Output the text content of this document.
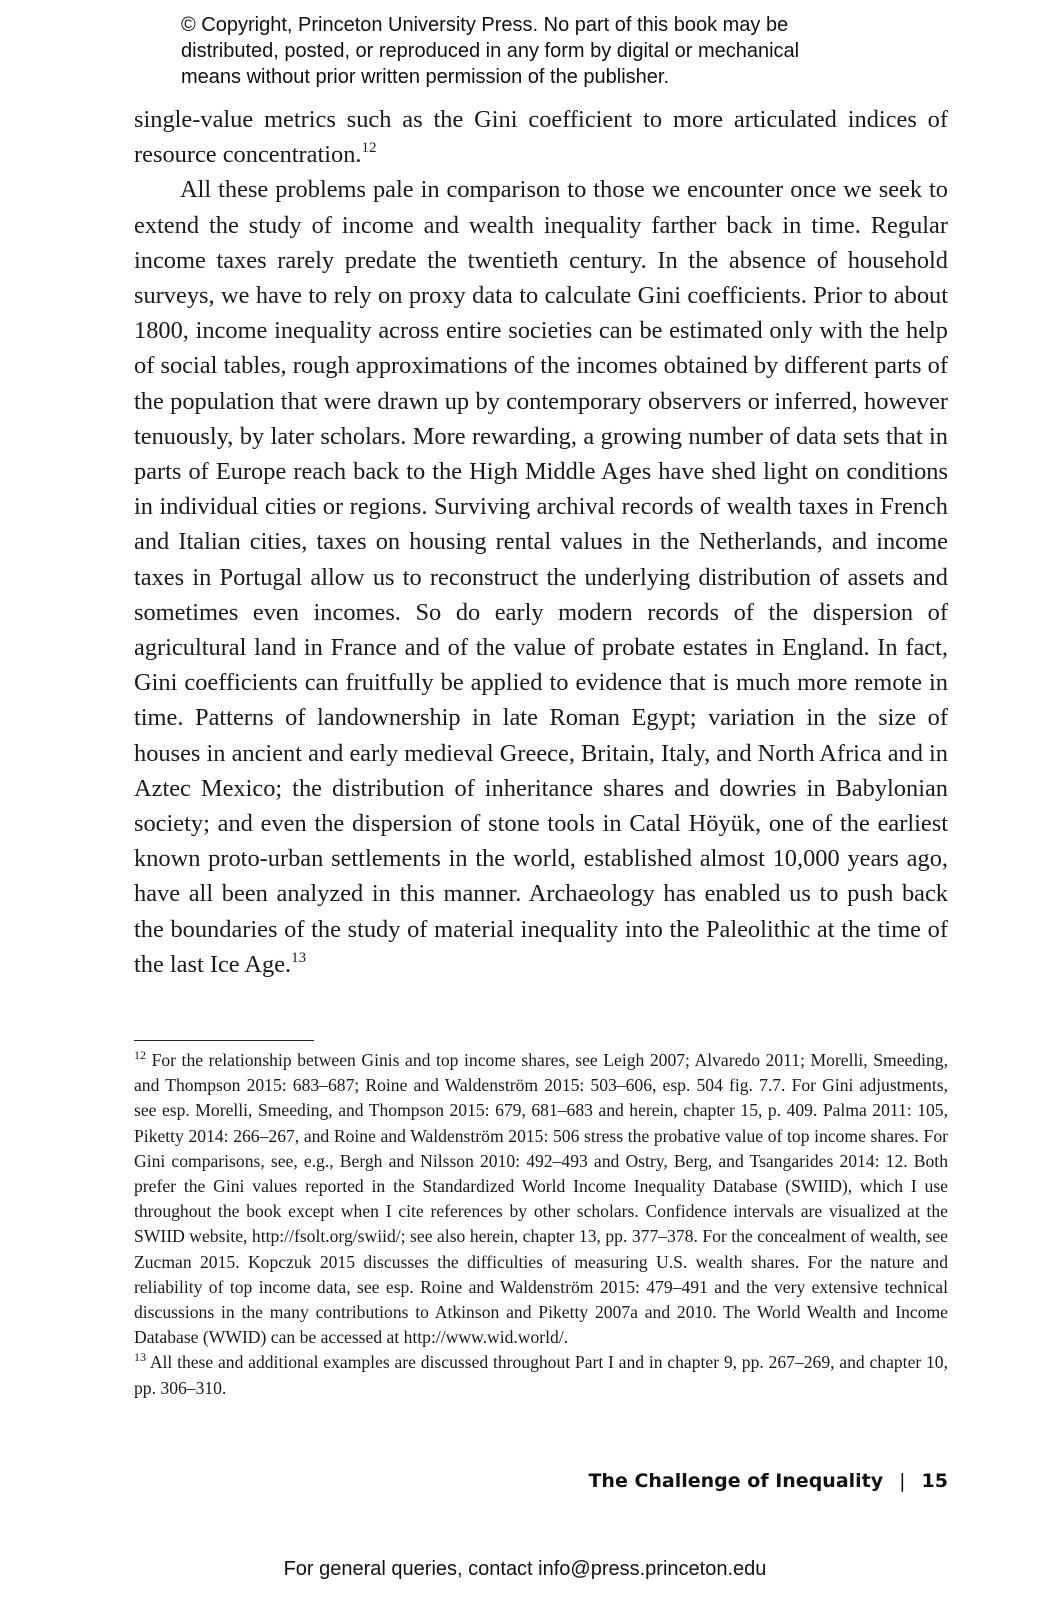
© Copyright, Princeton University Press. No part of this book may be
distributed, posted, or reproduced in any form by digital or mechanical
means without prior written permission of the publisher.

single-value metrics such as the Gini coefficient to more articulated indices of resource concentration.$^{12}$

All these problems pale in comparison to those we encounter once we seek to extend the study of income and wealth inequality farther back in time. Regular income taxes rarely predate the twentieth century. In the absence of household surveys, we have to rely on proxy data to calculate Gini coefficients. Prior to about 1800, income inequality across entire societies can be estimated only with the help of social tables, rough approximations of the incomes obtained by different parts of the population that were drawn up by contemporary observers or inferred, however tenuously, by later scholars. More rewarding, a growing number of data sets that in parts of Europe reach back to the High Middle Ages have shed light on conditions in individual cities or regions. Surviving archival records of wealth taxes in French and Italian cities, taxes on housing rental values in the Netherlands, and income taxes in Portugal allow us to reconstruct the underlying distribution of assets and sometimes even incomes. So do early modern records of the dispersion of agricultural land in France and of the value of probate estates in England. In fact, Gini coefficients can fruitfully be applied to evidence that is much more remote in time. Patterns of landownership in late Roman Egypt; variation in the size of houses in ancient and early medieval Greece, Britain, Italy, and North Africa and in Aztec Mexico; the distribution of inheritance shares and dowries in Babylonian society; and even the dispersion of stone tools in Catal Höyük, one of the earliest known proto-urban settlements in the world, established almost 10,000 years ago, have all been analyzed in this manner. Archaeology has enabled us to push back the boundaries of the study of material inequality into the Paleolithic at the time of the last Ice Age.$^{13}$

$^{12}$ For the relationship between Ginis and top income shares, see Leigh 2007; Alvaredo 2011; Morelli, Smeeding, and Thompson 2015: 683–687; Roine and Waldenström 2015: 503–606, esp. 504 fig. 7.7. For Gini adjustments, see esp. Morelli, Smeeding, and Thompson 2015: 679, 681–683 and herein, chapter 15, p. 409. Palma 2011: 105, Piketty 2014: 266–267, and Roine and Waldenström 2015: 506 stress the probative value of top income shares. For Gini comparisons, see, e.g., Bergh and Nilsson 2010: 492–493 and Ostry, Berg, and Tsangarides 2014: 12. Both prefer the Gini values reported in the Standardized World Income Inequality Database (SWIID), which I use throughout the book except when I cite references by other scholars. Confidence intervals are visualized at the SWIID website, http://fsolt.org/swiid/; see also herein, chapter 13, pp. 377–378. For the concealment of wealth, see Zucman 2015. Kopczuk 2015 discusses the difficulties of measuring U.S. wealth shares. For the nature and reliability of top income data, see esp. Roine and Waldenström 2015: 479–491 and the very extensive technical discussions in the many contributions to Atkinson and Piketty 2007a and 2010. The World Wealth and Income Database (WWID) can be accessed at http://www.wid.world/.

$^{13}$ All these and additional examples are discussed throughout Part I and in chapter 9, pp. 267–269, and chapter 10, pp. 306–310.

The Challenge of Inequality | 15
For general queries, contact info@press.princeton.edu
